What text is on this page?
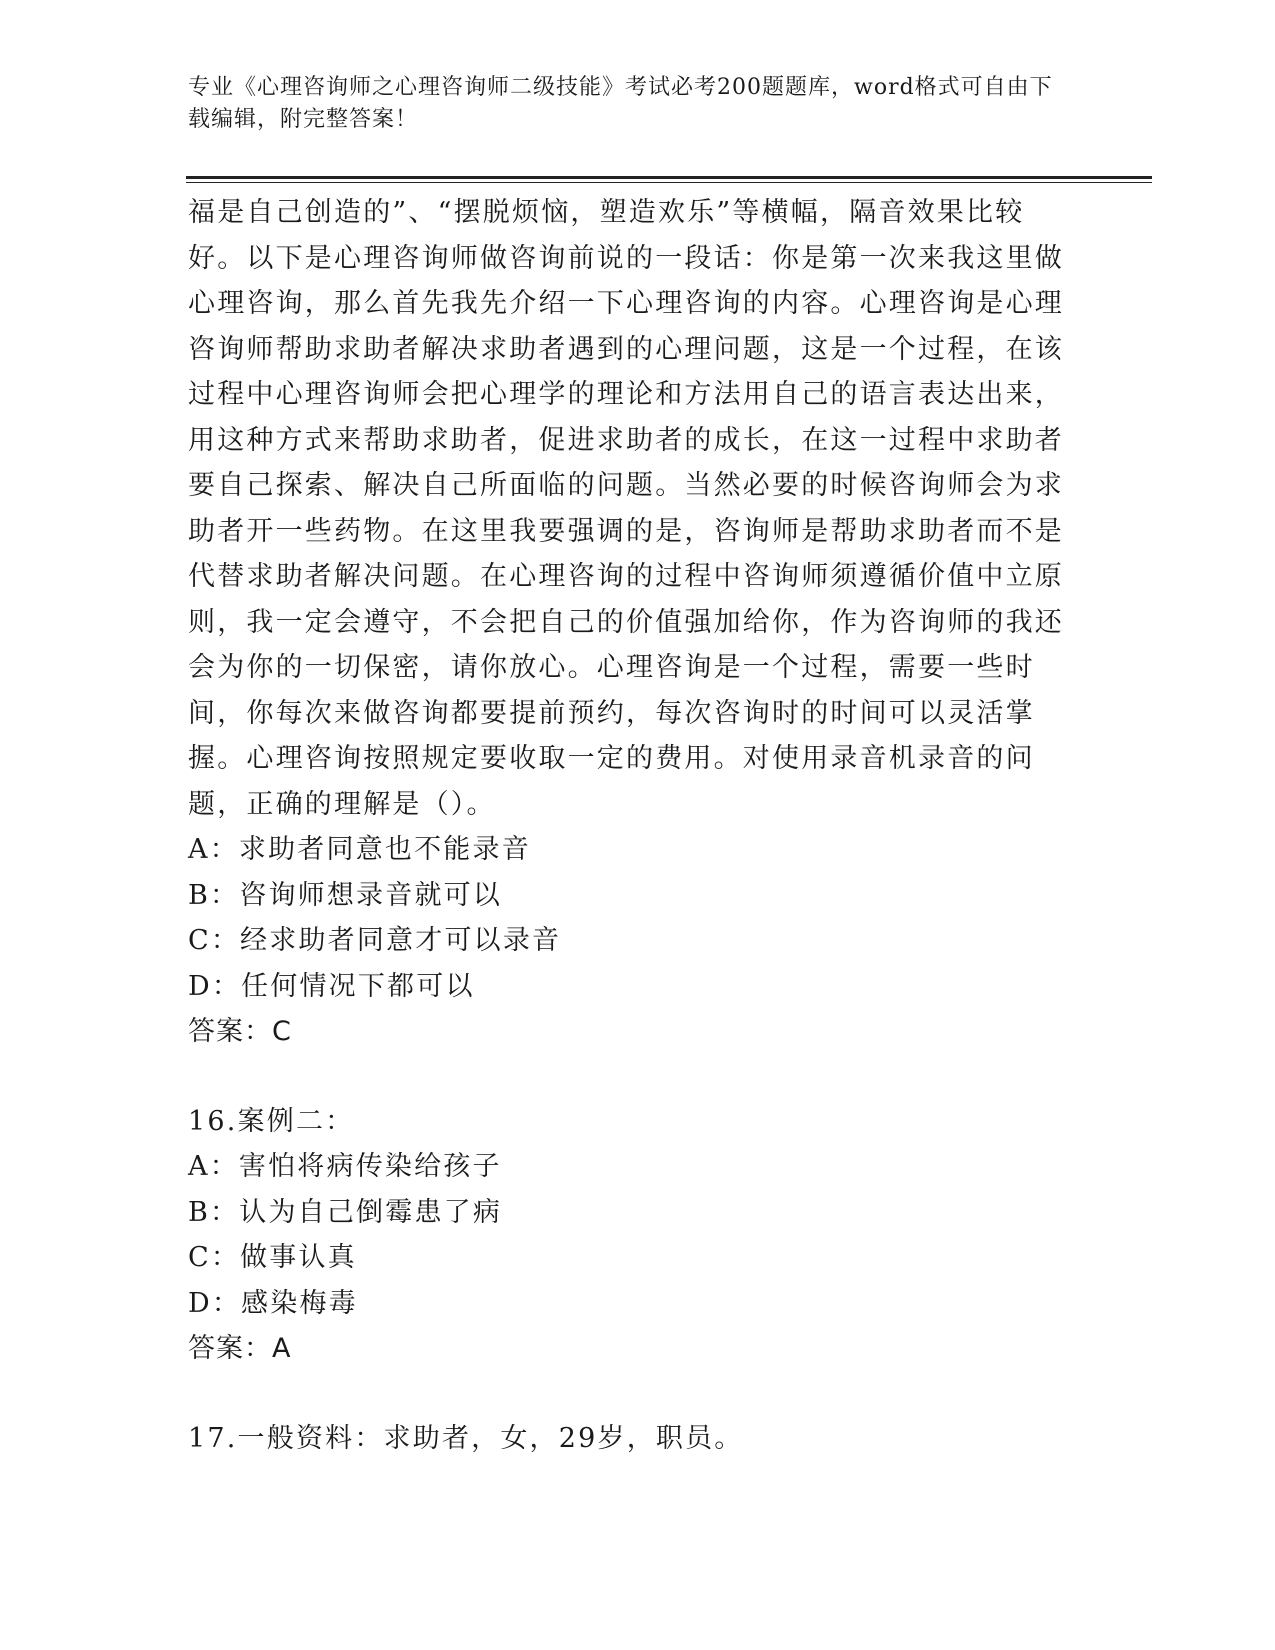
专业《心理咨询师之心理咨询师二级技能》考试必考200题题库，word格式可自由下载编辑，附完整答案！

福是自己创造的”、“摆脱烦恼，塑造欢乐”等横幅，隔音效果比较好。以下是心理咨询师做咨询前说的一段话：你是第一次来我这里做心理咨询，那么首先我先介绍一下心理咨询的内容。心理咨询是心理咨询师帮助求助者解决求助者遇到的心理问题，这是一个过程，在该过程中心理咨询师会把心理学的理论和方法用自己的语言表达出来，用这种方式来帮助求助者，促进求助者的成长，在这一过程中求助者要自己探索、解决自己所面临的问题。当然必要的时候咨询师会为求助者开一些药物。在这里我要强调的是，咨询师是帮助求助者而不是代替求助者解决问题。在心理咨询的过程中咨询师须遵循价值中立原则，我一定会遵守，不会把自己的价值强加给你，作为咨询师的我还会为你的一切保密，请你放心。心理咨询是一个过程，需要一些时间，你每次来做咨询都要提前预约，每次咨询时的时间可以灵活掌握。心理咨询按照规定要收取一定的费用。对使用录音机录音的问题，正确的理解是（）。

A：求助者同意也不能录音

B：咨询师想录音就可以

C：经求助者同意才可以录音

D：任何情况下都可以

答案：C

16.案例二：

A：害怕将病传染给孩子

B：认为自己倒霉患了病

C：做事认真

D：感染梅毒

答案：A

17.一般资料：求助者，女，29岁，职员。
